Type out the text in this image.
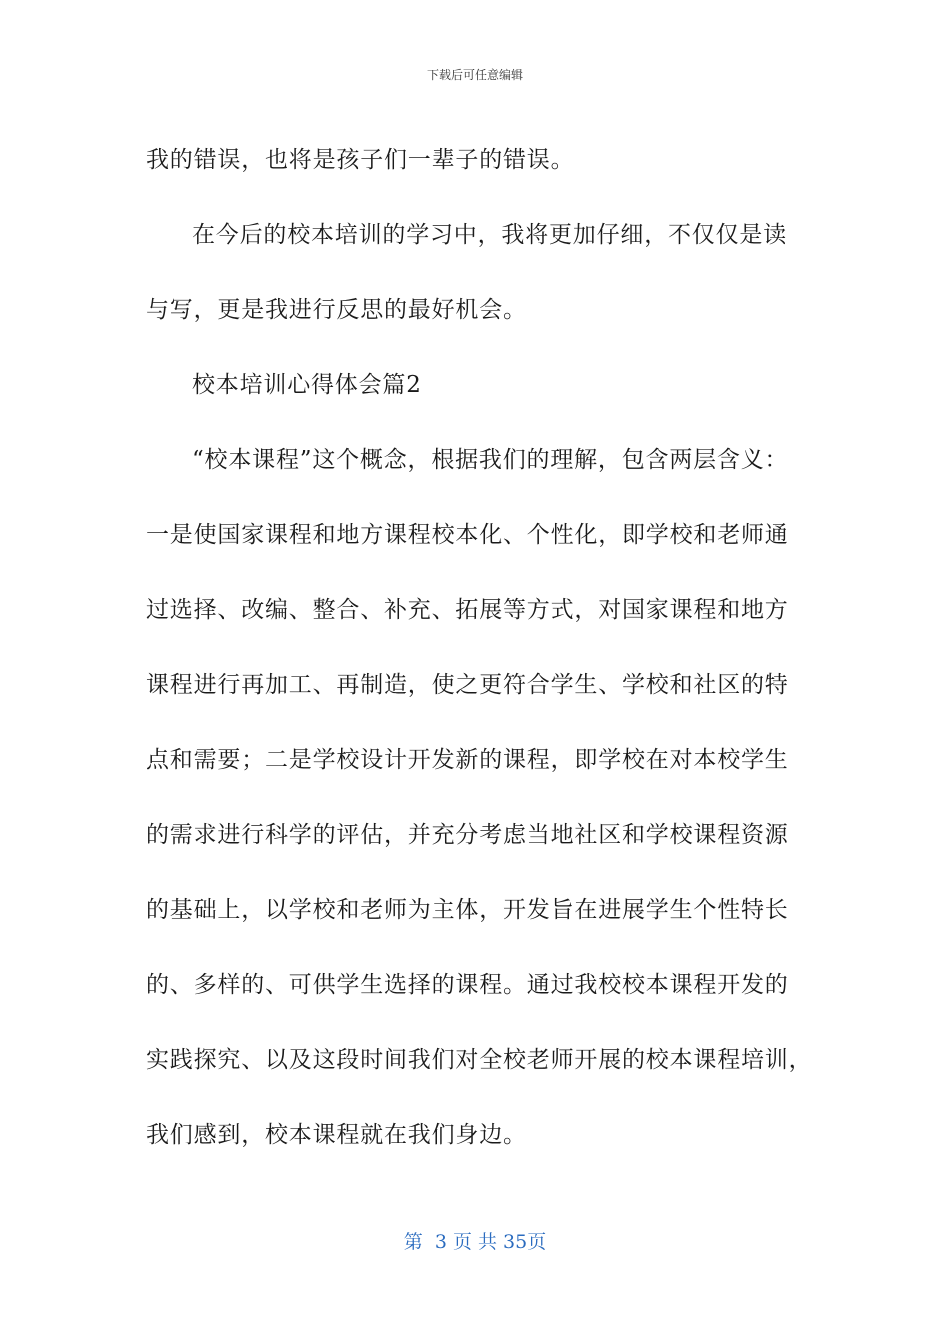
下载后可任意编辑
我的错误，也将是孩子们一辈子的错误。
在今后的校本培训的学习中，我将更加仔细，不仅仅是读
与写，更是我进行反思的最好机会。
校本培训心得体会篇2
“校本课程”这个概念，根据我们的理解，包含两层含义：
一是使国家课程和地方课程校本化、个性化，即学校和老师通
过选择、改编、整合、补充、拓展等方式，对国家课程和地方
课程进行再加工、再制造，使之更符合学生、学校和社区的特
点和需要；二是学校设计开发新的课程，即学校在对本校学生
的需求进行科学的评估，并充分考虑当地社区和学校课程资源
的基础上，以学校和老师为主体，开发旨在进展学生个性特长
的、多样的、可供学生选择的课程。通过我校校本课程开发的
实践探究、以及这段时间我们对全校老师开展的校本课程培训，
我们感到，校本课程就在我们身边。
第  3 页 共 35页
